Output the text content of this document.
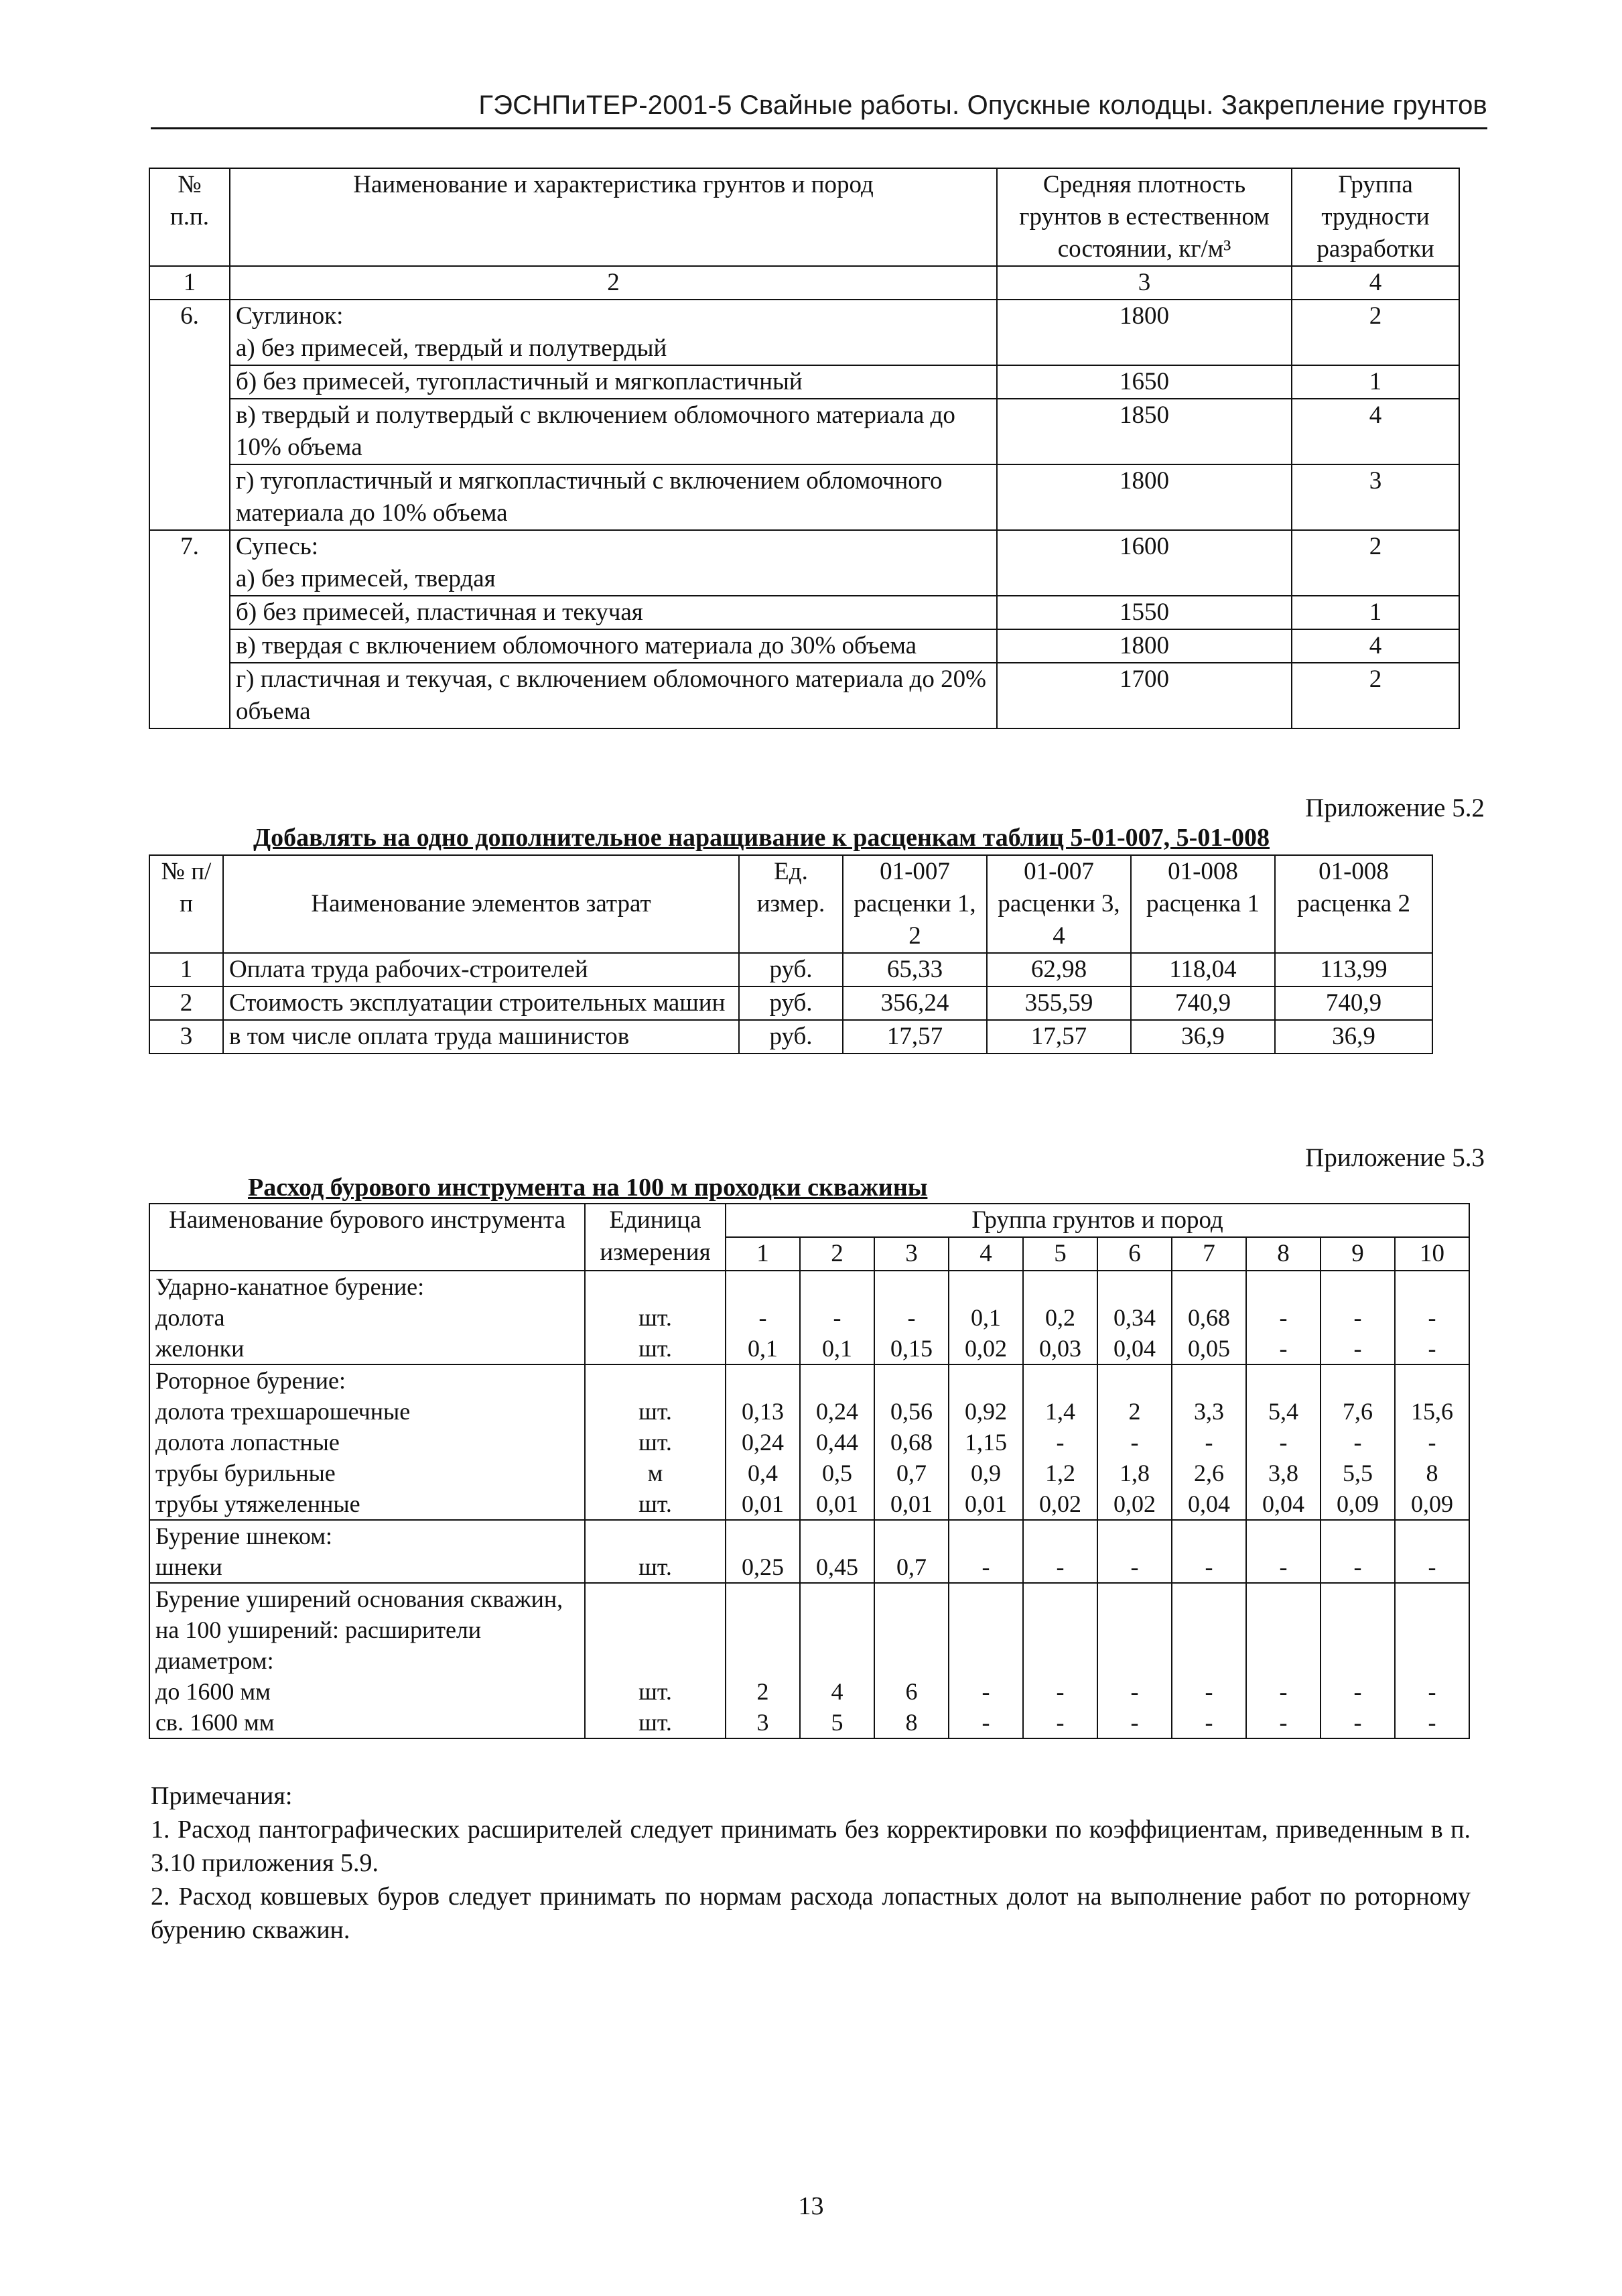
ГЭСНПиТЕР-2001-5 Свайные работы. Опускные колодцы. Закрепление грунтов
№ п.п.	Наименование и характеристика грунтов и пород	Средняя плотность грунтов в естественном состоянии, кг/м³	Группа трудности разработки
1	2	3	4
6.	Суглинок:	1800	2
	а) без примесей, твердый и полутвердый		
	б) без примесей, тугопластичный и мягкопластичный	1650	1
	в) твердый и полутвердый с включением обломочного материала до 10% объема	1850	4
	г) тугопластичный и мягкопластичный с включением обломочного материала до 10% объема	1800	3
7.	Супесь:	1600	2
	а) без примесей, твердая		
	б) без примесей, пластичная и текучая	1550	1
	в) твердая с включением обломочного материала до 30% объема	1800	4
	г) пластичная и текучая, с включением обломочного материала до 20% объема	1700	2
Приложение 5.2
Добавлять на одно дополнительное наращивание к расценкам таблиц 5-01-007, 5-01-008
№ п/п	Наименование элементов затрат	Ед. измер.	01-007 расценки 1, 2	01-007 расценки 3, 4	01-008 расценка 1	01-008 расценка 2
1	Оплата труда рабочих-строителей	руб.	65,33	62,98	118,04	113,99
2	Стоимость эксплуатации строительных машин	руб.	356,24	355,59	740,9	740,9
3	в том числе оплата труда машинистов	руб.	17,57	17,57	36,9	36,9
Приложение 5.3
Расход бурового инструмента на 100 м проходки скважины
Наименование бурового инструмента	Единица измерения	Группа грунтов и пород									
		1	2	3	4	5	6	7	8	9	10
Ударно-канатное бурение:											
долота	шт.	-	-	-	0,1	0,2	0,34	0,68	-	-	-
желонки	шт.	0,1	0,1	0,15	0,02	0,03	0,04	0,05	-	-	-
Роторное бурение:											
долота трехшарошечные	шт.	0,13	0,24	0,56	0,92	1,4	2	3,3	5,4	7,6	15,6
долота лопастные	шт.	0,24	0,44	0,68	1,15	-	-	-	-	-	-
трубы бурильные	м	0,4	0,5	0,7	0,9	1,2	1,8	2,6	3,8	5,5	8
трубы утяжеленные	шт.	0,01	0,01	0,01	0,01	0,02	0,02	0,04	0,04	0,09	0,09
Бурение шнеком:											
шнеки	шт.	0,25	0,45	0,7	-	-	-	-	-	-	-
Бурение уширений основания скважин, на 100 уширений: расширители диаметром:											
до 1600 мм	шт.	2	4	6	-	-	-	-	-	-	-
св. 1600 мм	шт.	3	5	8	-	-	-	-	-	-	-

Примечания:

1. Расход пантографических расширителей следует принимать без корректировки по коэффициентам, приведенным в п. 3.10 приложения 5.9.

2. Расход ковшевых буров следует принимать по нормам расхода лопастных долот на выполнение работ по роторному бурению скважин.

13
